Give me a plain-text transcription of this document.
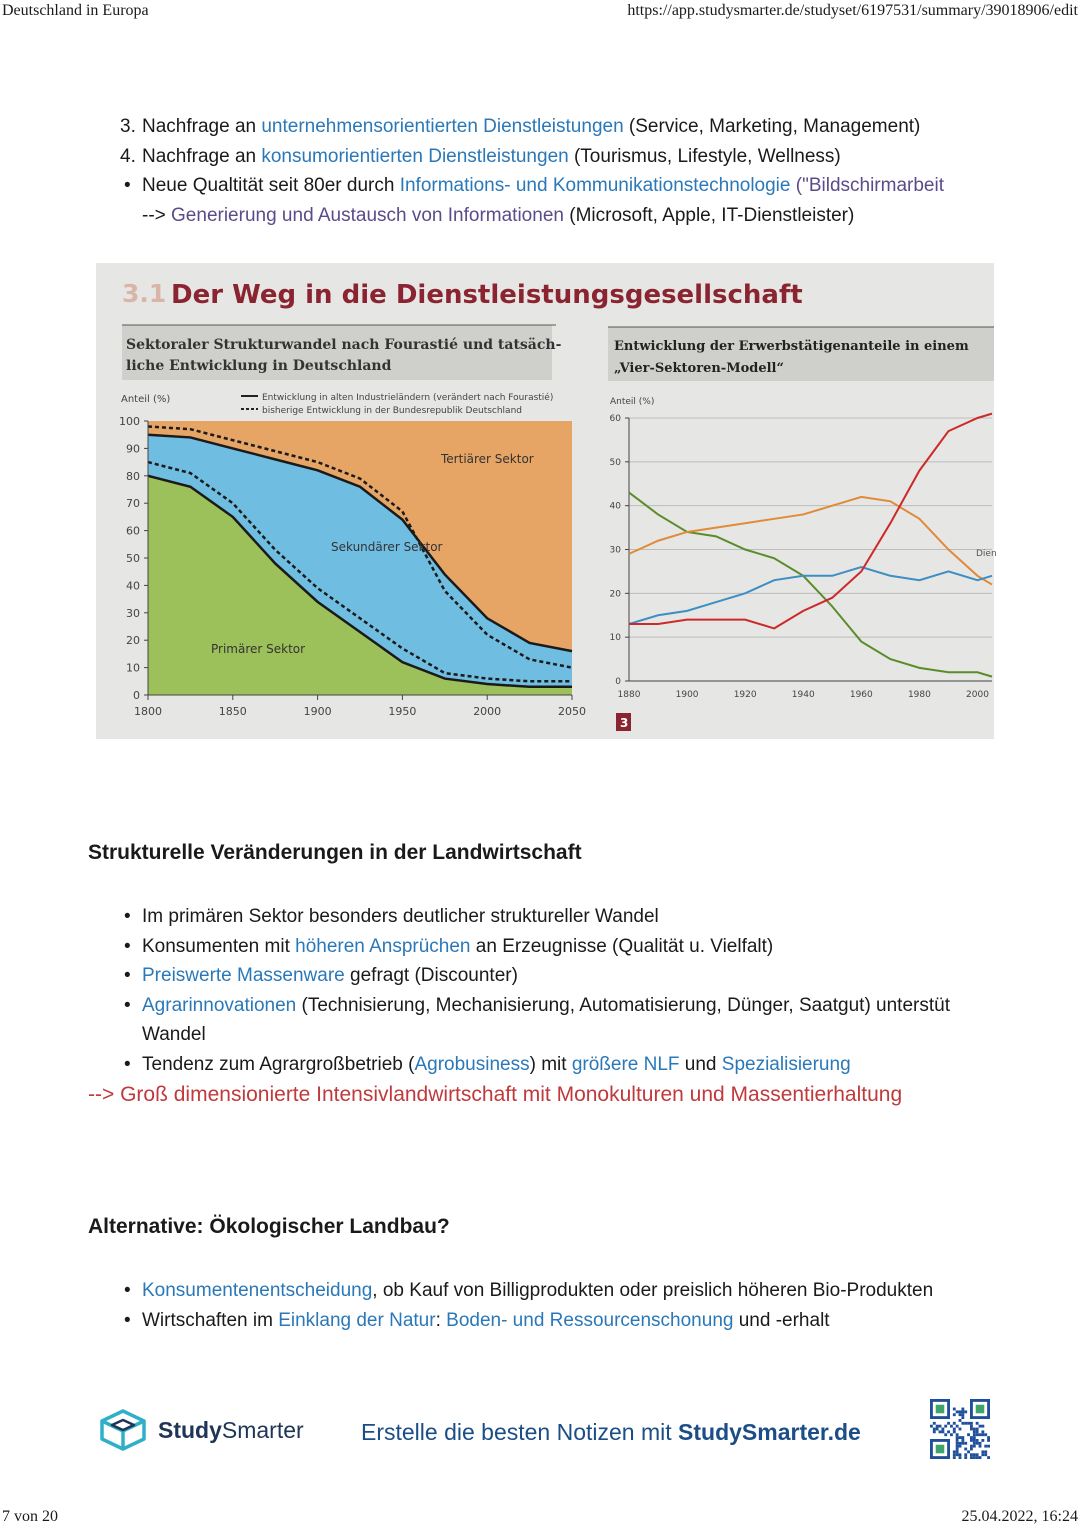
Deutschland in Europa	https://app.studysmarter.de/studyset/6197531/summary/39018906/edit
3. Nachfrage an unternehmensorientierten Dienstleistungen (Service, Marketing, Management)
4. Nachfrage an konsumorientierten Dienstleistungen (Tourismus, Lifestyle, Wellness)
• Neue Qualtität seit 80er durch Informations- und Kommunikationstechnologie ("Bildschirmarbeit
--> Generierung und Austausch von Informationen (Microsoft, Apple, IT-Dienstleister)
3.1 Der Weg in die Dienstleistungsgesellschaft
Sektoraler Strukturwandel nach Fourastié und tatsäch-
liche Entwicklung in Deutschland
Entwicklung der Erwerbstätigenanteile in einem
„Vier-Sektoren-Modell“
Anteil (%)	Entwicklung in alten Industrieländern (verändert nach Fourastié)
bisherige Entwicklung in der Bundesrepublik Deutschland
100
90
80
70
60
50
40
30
20
10
0
1800	1850	1900	1950	2000	2050
Tertiärer Sektor
Sekundärer Sektor
Primärer Sektor
Anteil (%)
60
50
40
30
20
10
0
1880	1900	1920	1940	1960	1980	2000
Dien
3
Strukturelle Veränderungen in der Landwirtschaft
• Im primären Sektor besonders deutlicher struktureller Wandel
• Konsumenten mit höheren Ansprüchen an Erzeugnisse (Qualität u. Vielfalt)
• Preiswerte Massenware gefragt (Discounter)
• Agrarinnovationen (Technisierung, Mechanisierung, Automatisierung, Dünger, Saatgut) unterstüt
Wandel
• Tendenz zum Agrargroßbetrieb (Agrobusiness) mit größere NLF und Spezialisierung
--> Groß dimensionierte Intensivlandwirtschaft mit Monokulturen und Massentierhaltung
Alternative: Ökologischer Landbau?
• Konsumentenentscheidung, ob Kauf von Billigprodukten oder preislich höheren Bio-Produkten
• Wirtschaften im Einklang der Natur: Boden- und Ressourcenschonung und -erhalt
StudySmarter Erstelle die besten Notizen mit StudySmarter.de
7 von 20	25.04.2022, 16:24
